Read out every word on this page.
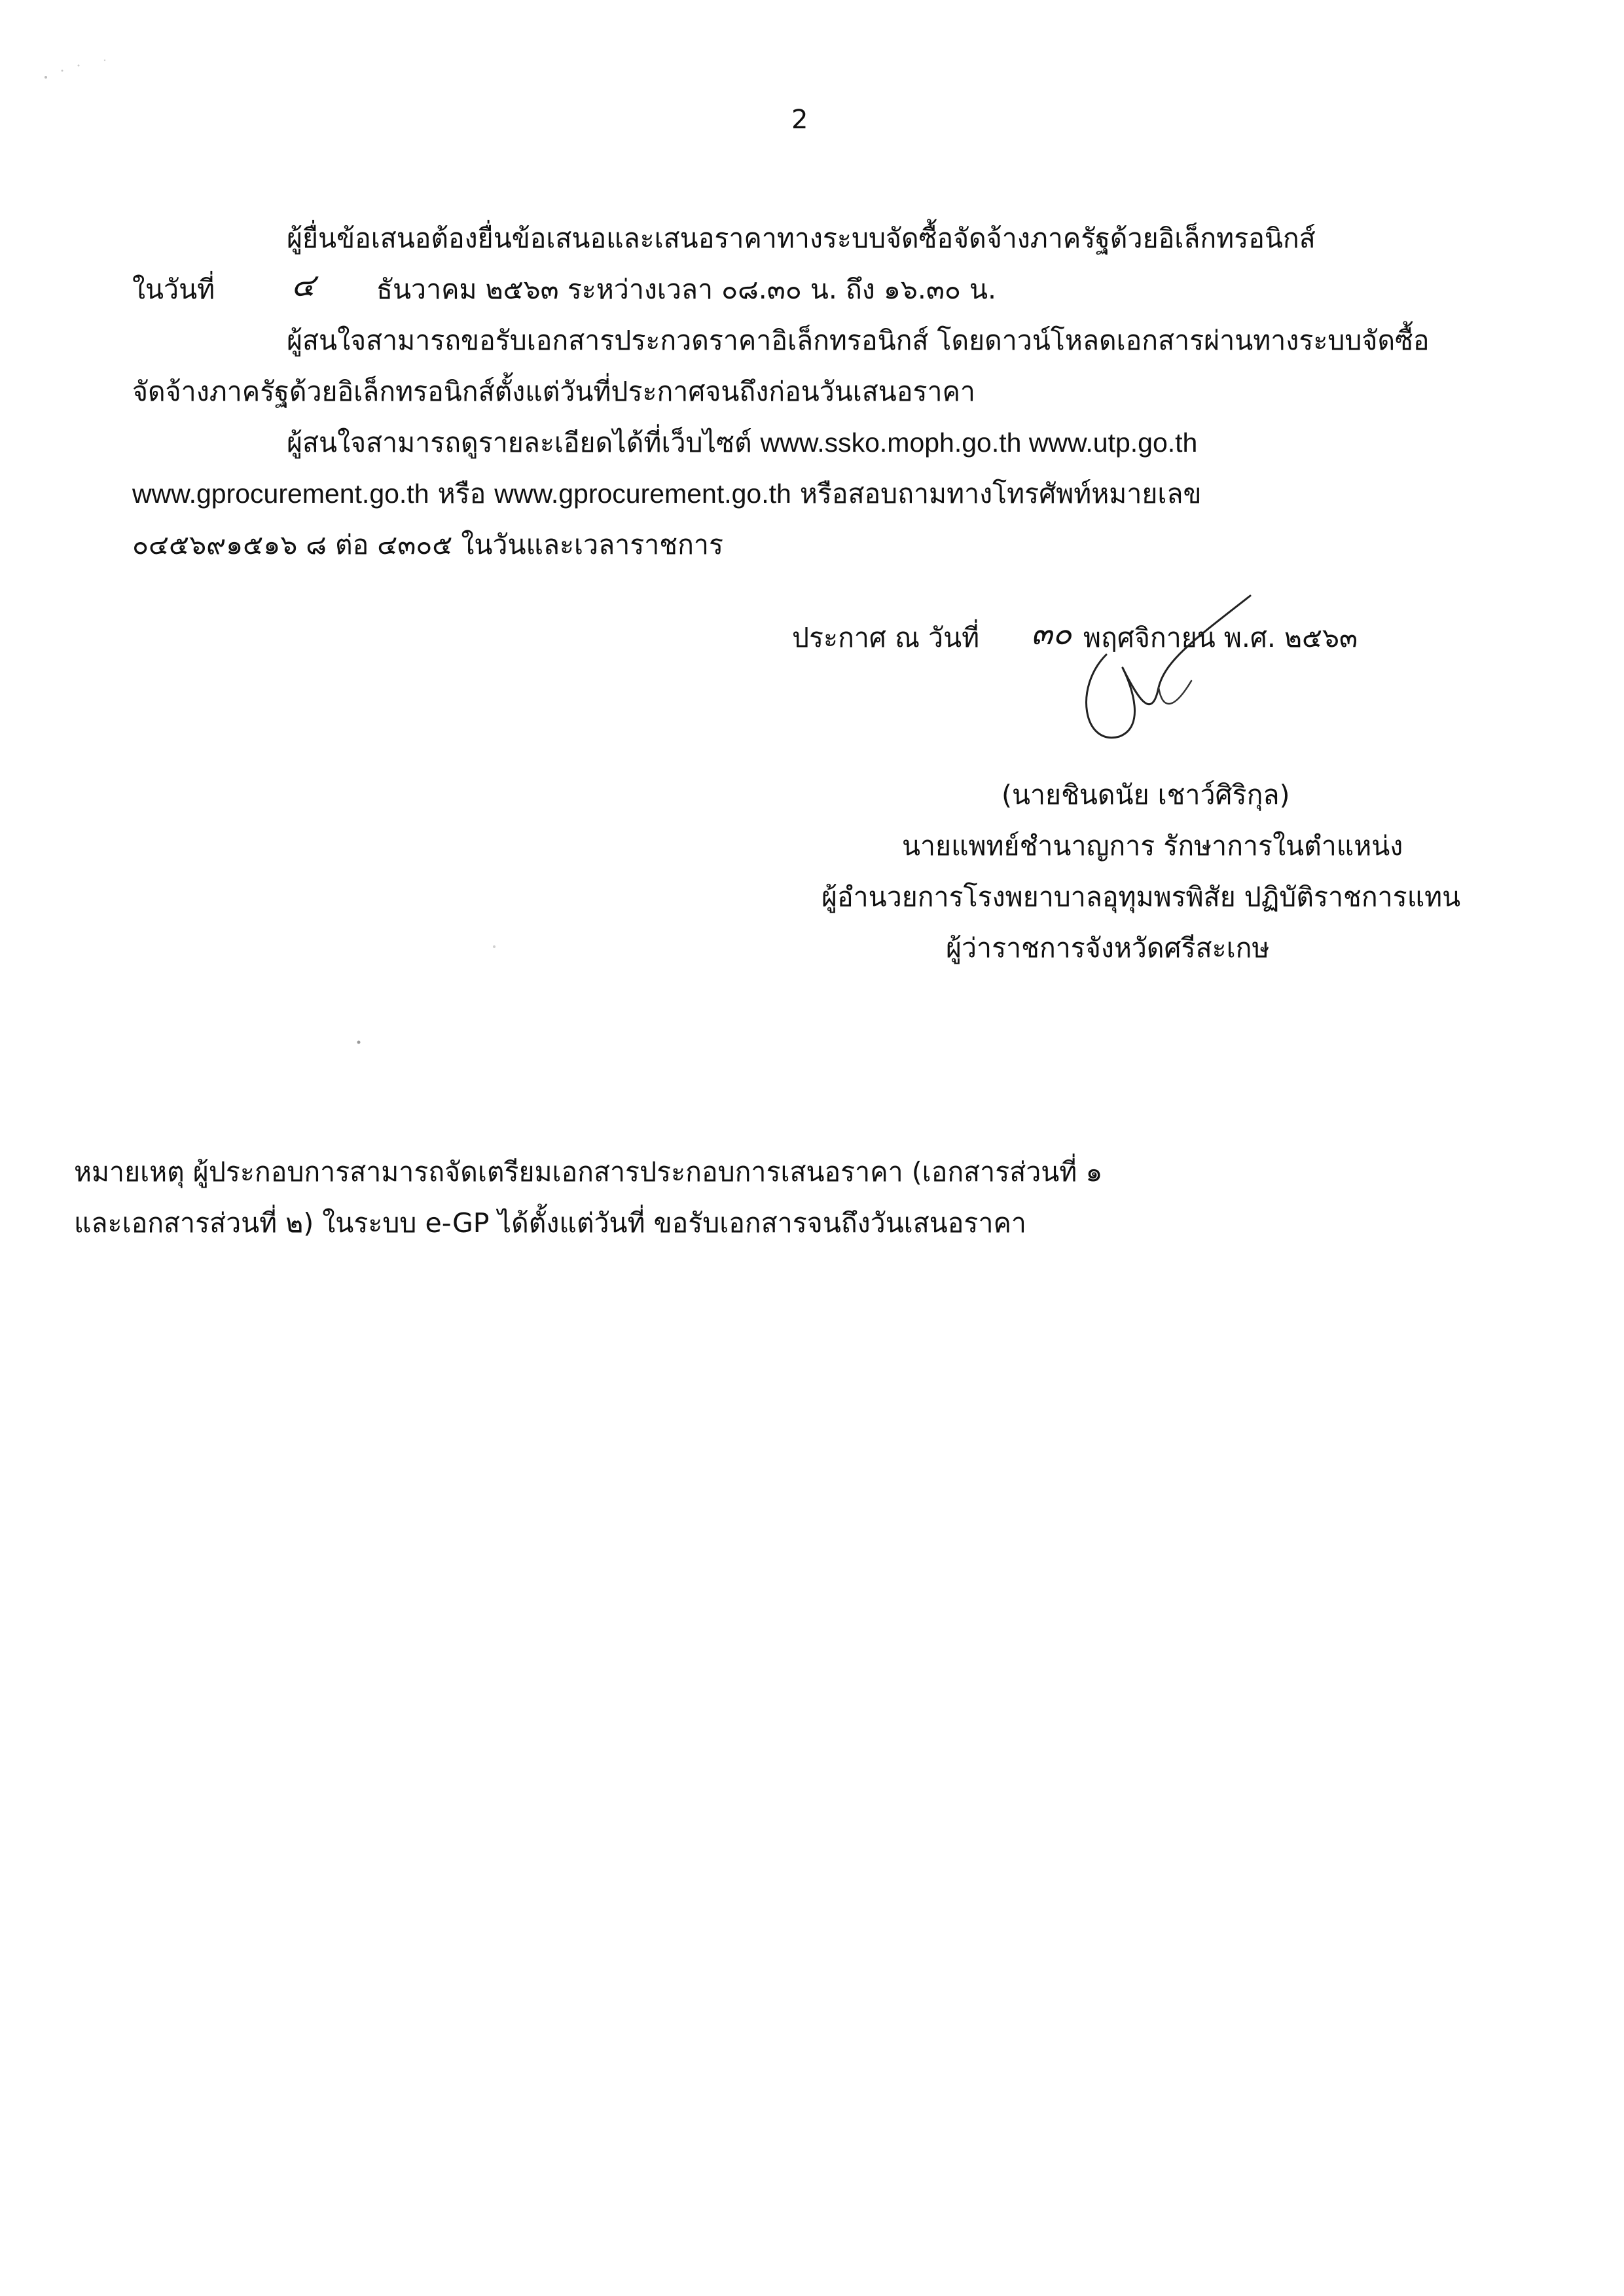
2
ผู้ยื่นข้อเสนอต้องยื่นข้อเสนอและเสนอราคาทางระบบจัดซื้อจัดจ้างภาครัฐด้วยอิเล็กทรอนิกส์
ในวันที่ ๔ ธันวาคม ๒๕๖๓ ระหว่างเวลา ๐๘.๓๐ น. ถึง ๑๖.๓๐ น.
ผู้สนใจสามารถขอรับเอกสารประกวดราคาอิเล็กทรอนิกส์ โดยดาวน์โหลดเอกสารผ่านทางระบบจัดซื้อ
จัดจ้างภาครัฐด้วยอิเล็กทรอนิกส์ตั้งแต่วันที่ประกาศจนถึงก่อนวันเสนอราคา
ผู้สนใจสามารถดูรายละเอียดได้ที่เว็บไซต์ www.ssko.moph.go.th www.utp.go.th
www.gprocurement.go.th หรือ www.gprocurement.go.th หรือสอบถามทางโทรศัพท์หมายเลข
๐๔๕๖๙๑๕๑๖ ๘ ต่อ ๔๓๐๕ ในวันและเวลาราชการ
ประกาศ ณ วันที่ ๓๐ พฤศจิกายน พ.ศ. ๒๕๖๓
(นายชินดนัย เชาว์ศิริกุล)
นายแพทย์ชำนาญการ รักษาการในตำแหน่ง
ผู้อำนวยการโรงพยาบาลอุทุมพรพิสัย ปฏิบัติราชการแทน
ผู้ว่าราชการจังหวัดศรีสะเกษ
หมายเหตุ ผู้ประกอบการสามารถจัดเตรียมเอกสารประกอบการเสนอราคา (เอกสารส่วนที่ ๑
และเอกสารส่วนที่ ๒) ในระบบ e-GP ได้ตั้งแต่วันที่ ขอรับเอกสารจนถึงวันเสนอราคา
